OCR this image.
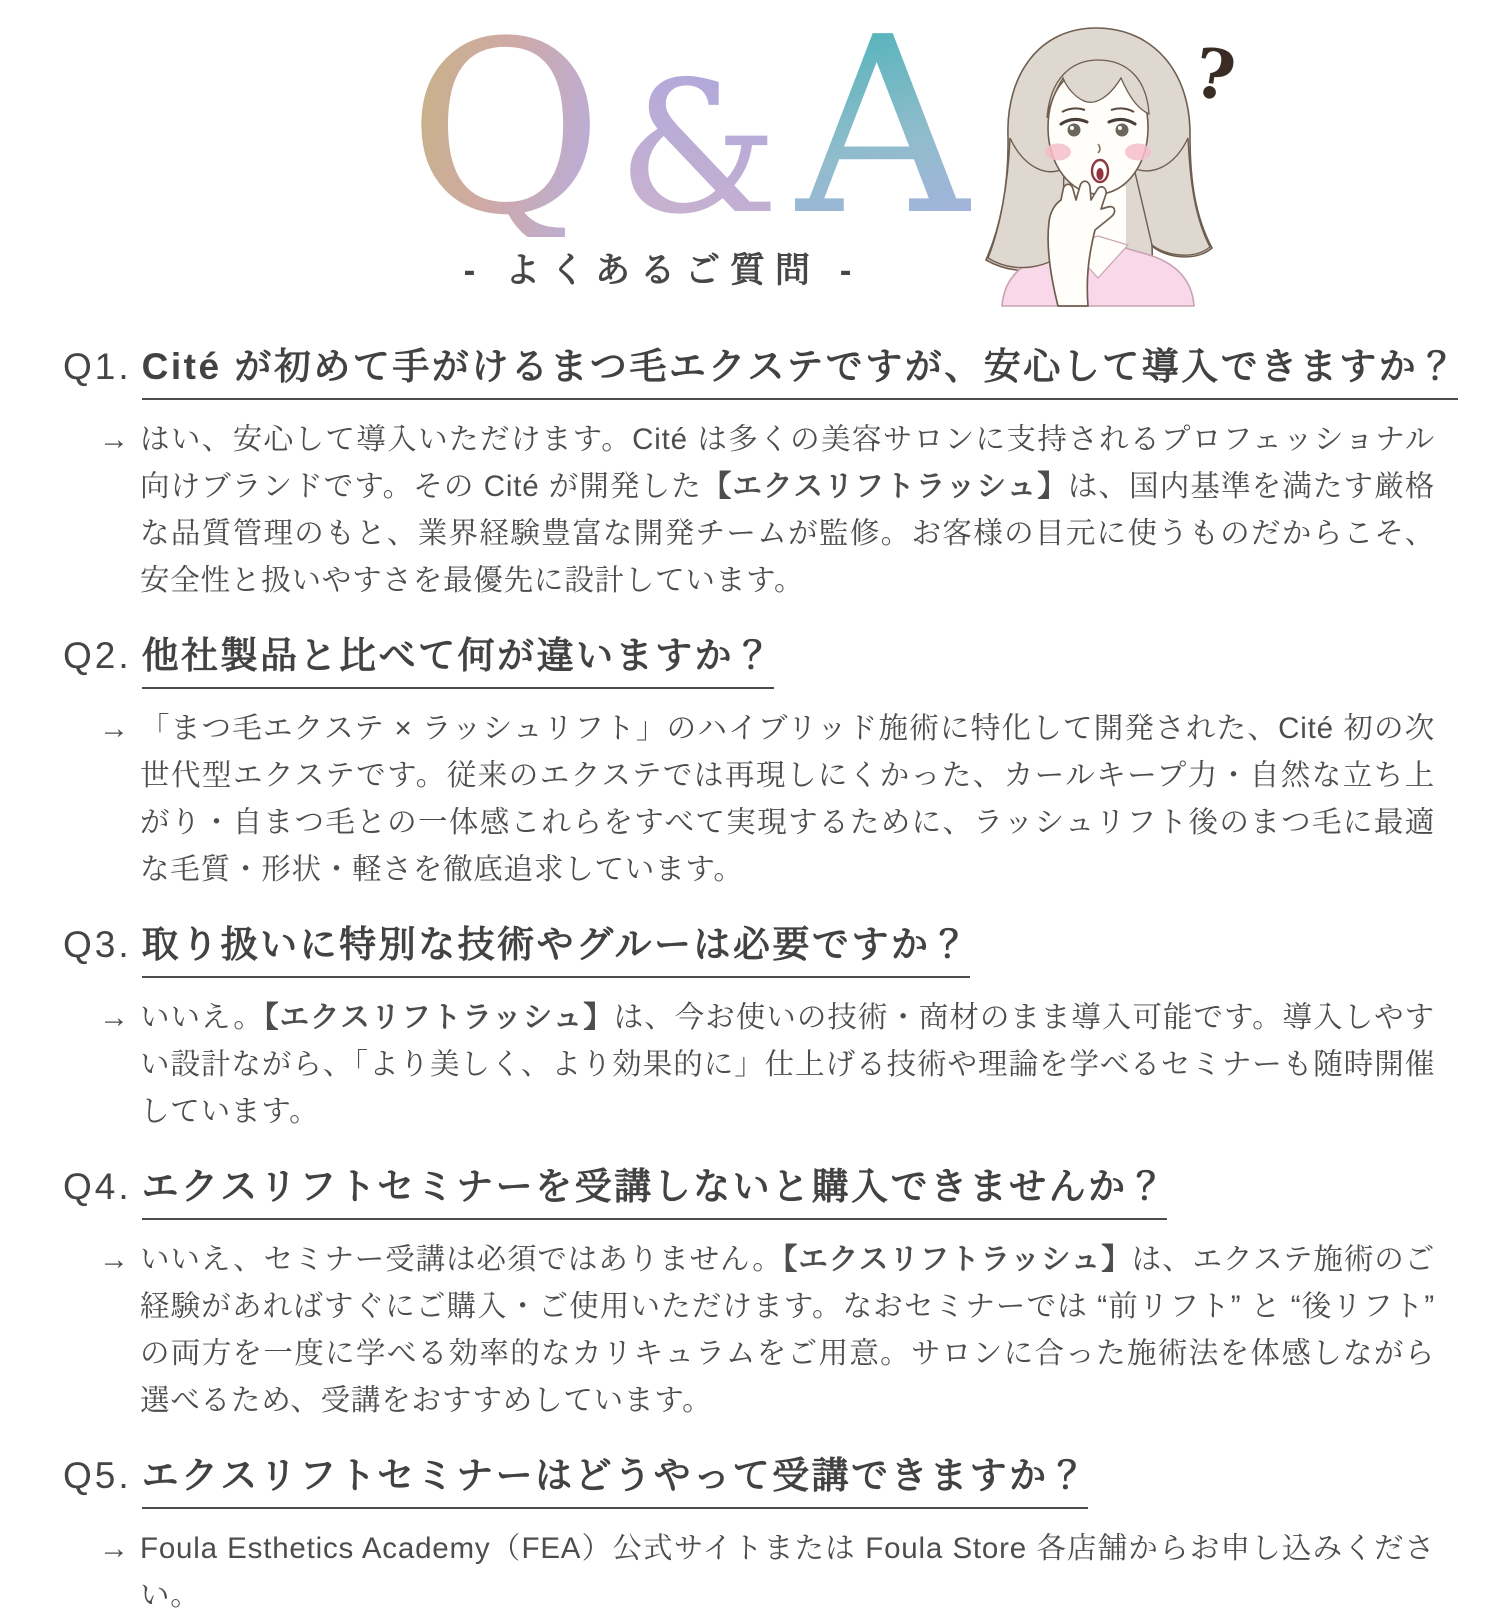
Q & A
- よくあるご質問 -
?
Q1. Cité が初めて手がけるまつ毛エクステですが、安心して導入できますか？
→ はい、安心して導入いただけます。Cité は多くの美容サロンに支持されるプロフェッショナル向けブランドです。その Cité が開発した【エクスリフトラッシュ】は、国内基準を満たす厳格な品質管理のもと、業界経験豊富な開発チームが監修。お客様の目元に使うものだからこそ、安全性と扱いやすさを最優先に設計しています。

Q2. 他社製品と比べて何が違いますか？
→ 「まつ毛エクステ × ラッシュリフト」のハイブリッド施術に特化して開発された、Cité 初の次世代型エクステです。従来のエクステでは再現しにくかった、カールキープ力・自然な立ち上がり・自まつ毛との一体感これらをすべて実現するために、ラッシュリフト後のまつ毛に最適な毛質・形状・軽さを徹底追求しています。

Q3. 取り扱いに特別な技術やグルーは必要ですか？
→ いいえ。【エクスリフトラッシュ】は、今お使いの技術・商材のまま導入可能です。導入しやすい設計ながら、「より美しく、より効果的に」仕上げる技術や理論を学べるセミナーも随時開催しています。

Q4. エクスリフトセミナーを受講しないと購入できませんか？
→ いいえ、セミナー受講は必須ではありません。【エクスリフトラッシュ】は、エクステ施術のご経験があればすぐにご購入・ご使用いただけます。なおセミナーでは “前リフト” と “後リフト” の両方を一度に学べる効率的なカリキュラムをご用意。サロンに合った施術法を体感しながら選べるため、受講をおすすめしています。

Q5. エクスリフトセミナーはどうやって受講できますか？
→ Foula Esthetics Academy（FEA）公式サイトまたは Foula Store 各店舗からお申し込みください。
